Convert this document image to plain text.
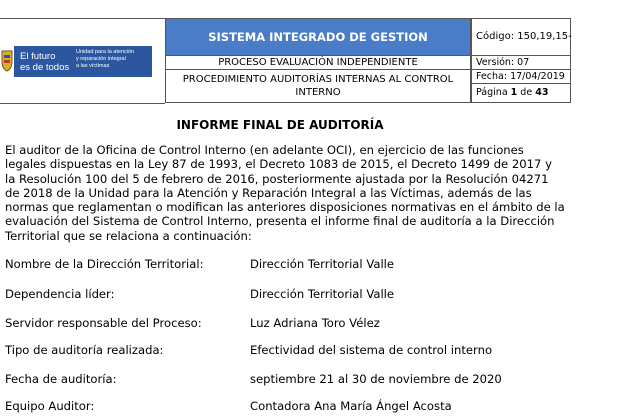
El futuro
es de todos
Unidad para la atención
y reparación integral
a las víctimas
SISTEMA INTEGRADO DE GESTION
PROCESO EVALUACIÓN INDEPENDIENTE
PROCEDIMIENTO AUDITORÍAS INTERNAS AL CONTROL INTERNO
Código: 150,19,15-
Versión: 07
Fecha: 17/04/2019
Página 1 de 43
INFORME FINAL DE AUDITORÍA

El auditor de la Oficina de Control Interno (en adelante OCI), en ejercicio de las funciones
legales dispuestas en la Ley 87 de 1993, el Decreto 1083 de 2015, el Decreto 1499 de 2017 y
la Resolución 100 del 5 de febrero de 2016, posteriormente ajustada por la Resolución 04271
de 2018 de la Unidad para la Atención y Reparación Integral a las Víctimas, además de las
normas que reglamentan o modifican las anteriores disposiciones normativas en el ámbito de la
evaluación del Sistema de Control Interno, presenta el informe final de auditoría a la Dirección
Territorial que se relaciona a continuación:

Nombre de la Dirección Territorial:	Dirección Territorial Valle
Dependencia líder:	Dirección Territorial Valle
Servidor responsable del Proceso:	Luz Adriana Toro Vélez
Tipo de auditoría realizada:	Efectividad del sistema de control interno
Fecha de auditoría:	septiembre 21 al 30 de noviembre de 2020
Equipo Auditor:	Contadora Ana María Ángel Acosta
